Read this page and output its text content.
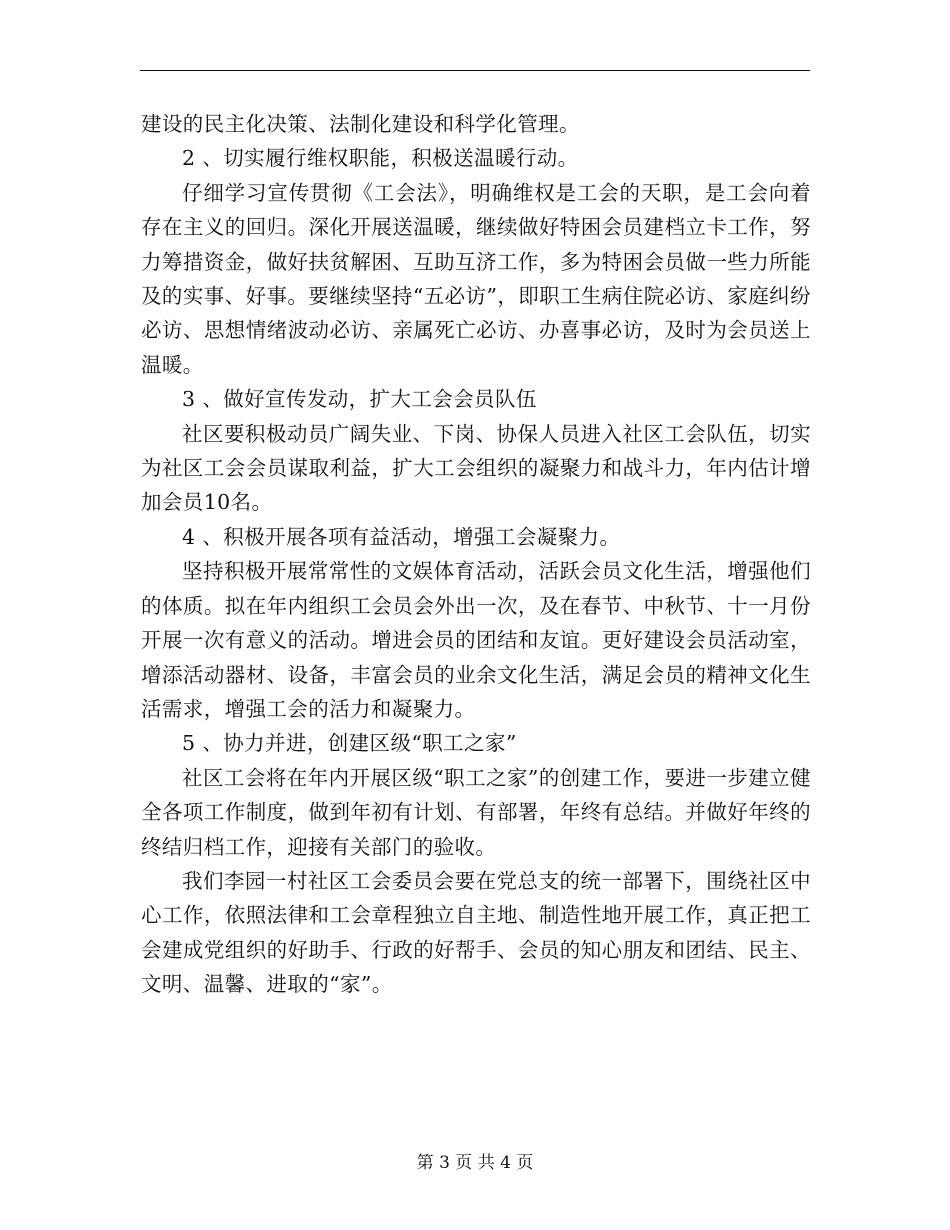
建设的民主化决策、法制化建设和科学化管理。

2 、切实履行维权职能，积极送温暖行动。

仔细学习宣传贯彻《工会法》，明确维权是工会的天职，是工会向着存在主义的回归。深化开展送温暖，继续做好特困会员建档立卡工作，努力筹措资金，做好扶贫解困、互助互济工作，多为特困会员做一些力所能及的实事、好事。要继续坚持“五必访”，即职工生病住院必访、家庭纠纷必访、思想情绪波动必访、亲属死亡必访、办喜事必访，及时为会员送上温暖。

3 、做好宣传发动，扩大工会会员队伍

社区要积极动员广阔失业、下岗、协保人员进入社区工会队伍，切实为社区工会会员谋取利益，扩大工会组织的凝聚力和战斗力，年内估计增加会员10名。

4 、积极开展各项有益活动，增强工会凝聚力。

坚持积极开展常常性的文娱体育活动，活跃会员文化生活，增强他们的体质。拟在年内组织工会员会外出一次，及在春节、中秋节、十一月份开展一次有意义的活动。增进会员的团结和友谊。更好建设会员活动室，增添活动器材、设备，丰富会员的业余文化生活，满足会员的精神文化生活需求，增强工会的活力和凝聚力。

5 、协力并进，创建区级“职工之家”

社区工会将在年内开展区级“职工之家”的创建工作，要进一步建立健全各项工作制度，做到年初有计划、有部署，年终有总结。并做好年终的终结归档工作，迎接有关部门的验收。

我们李园一村社区工会委员会要在党总支的统一部署下，围绕社区中心工作，依照法律和工会章程独立自主地、制造性地开展工作，真正把工会建成党组织的好助手、行政的好帮手、会员的知心朋友和团结、民主、文明、温馨、进取的“家”。

第 3 页 共 4 页
